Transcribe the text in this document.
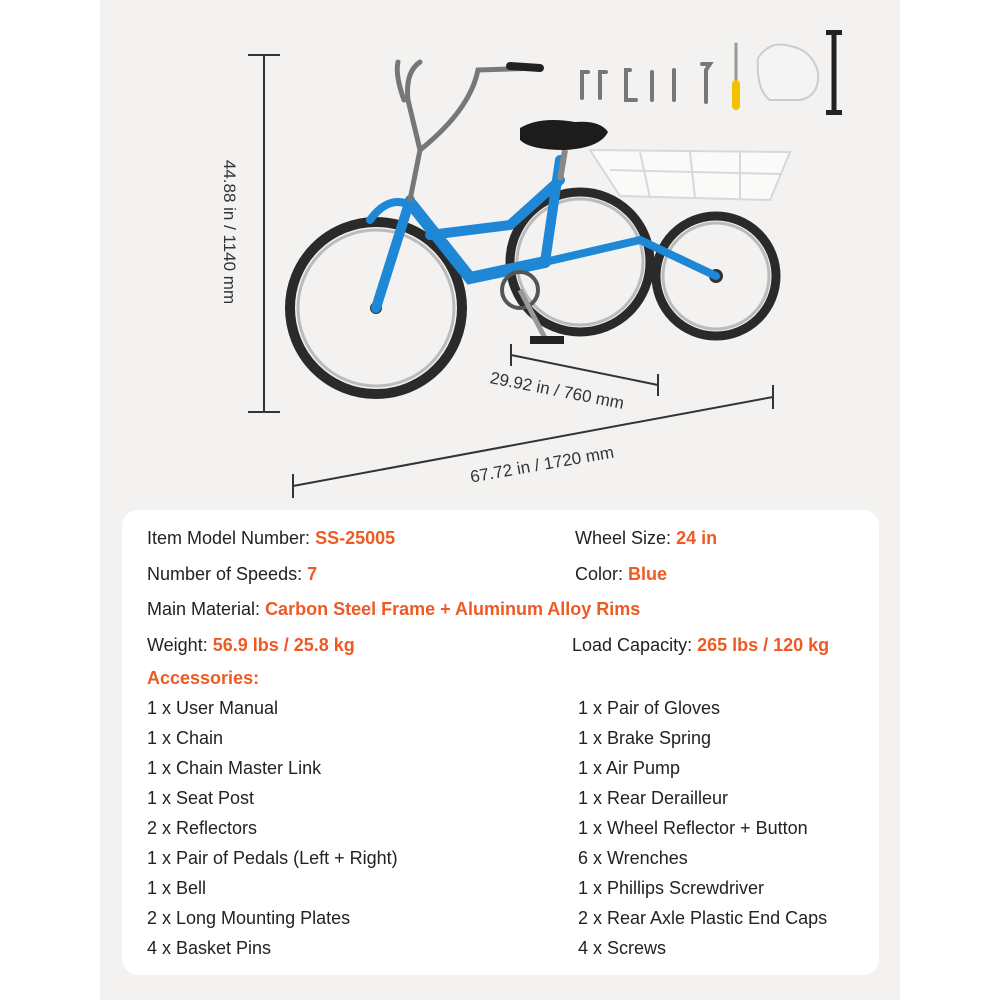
44.88 in / 1140 mm
29.92 in / 760 mm
67.72 in / 1720 mm
Item Model Number: SS-25005	Wheel Size: 24 in
Number of Speeds: 7	Color: Blue
Main Material: Carbon Steel Frame + Aluminum Alloy Rims
Weight: 56.9 lbs / 25.8 kg	Load Capacity: 265 lbs / 120 kg
Accessories:
1 x User Manual
1 x Chain
1 x Chain Master Link
1 x Seat Post
2 x Reflectors
1 x Pair of Pedals (Left + Right)
1 x Bell
2 x Long Mounting Plates
4 x Basket Pins
1 x Pair of Gloves
1 x Brake Spring
1 x Air Pump
1 x Rear Derailleur
1 x Wheel Reflector + Button
6 x Wrenches
1 x Phillips Screwdriver
2 x Rear Axle Plastic End Caps
4 x Screws
